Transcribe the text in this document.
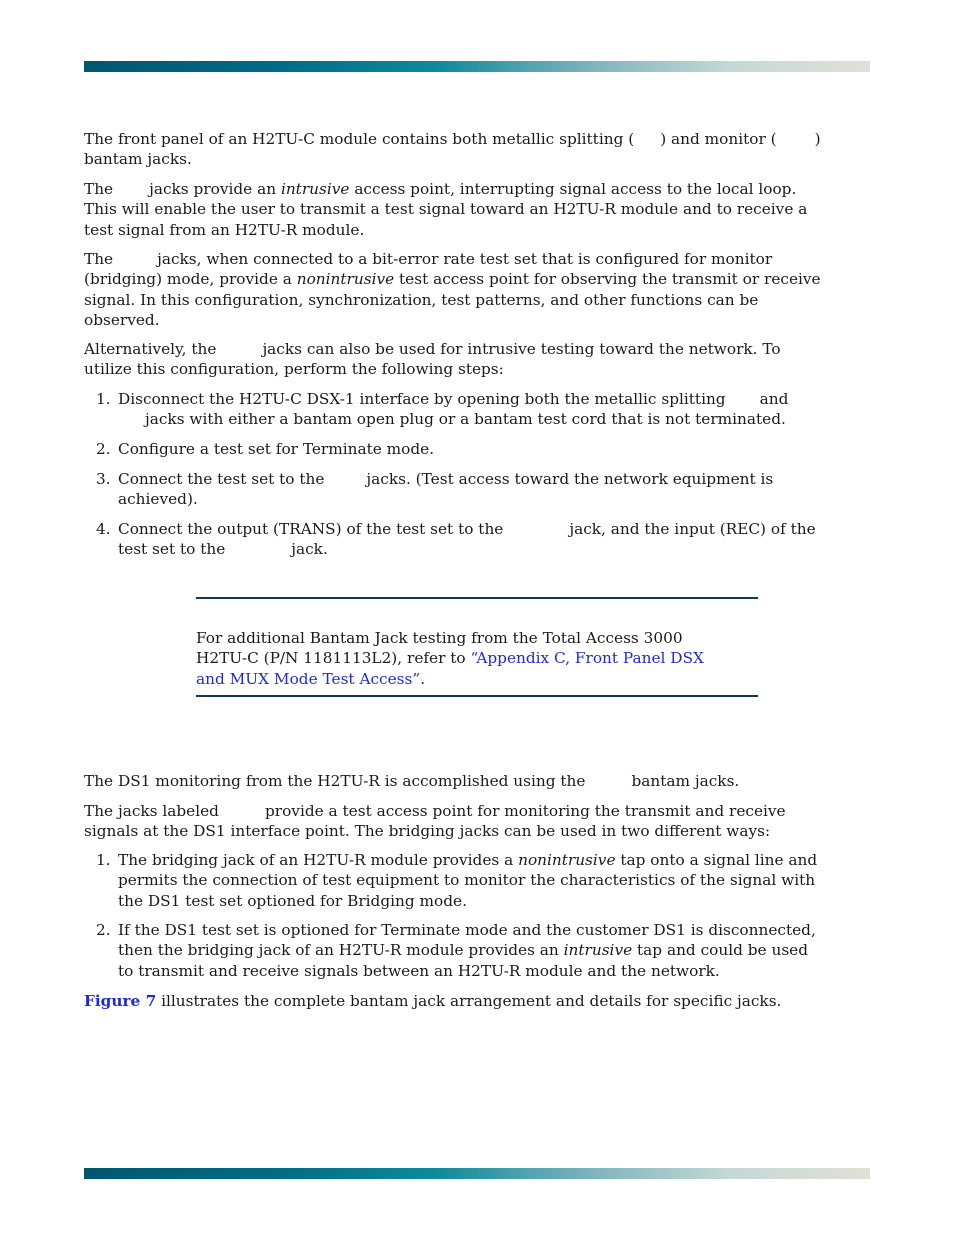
The front panel of an H2TU-C module contains both metallic splitting ( ) and monitor ( )
bantam jacks.
The jacks provide an intrusive access point, interrupting signal access to the local loop.
This will enable the user to transmit a test signal toward an H2TU-R module and to receive a
test signal from an H2TU-R module.
The	jacks, when connected to a bit-error rate test set that is configured for monitor
(bridging) mode, provide a nonintrusive test access point for observing the transmit or receive
signal. In this configuration, synchronization, test patterns, and other functions can be
observed.
Alternatively, the	jacks can also be used for intrusive testing toward the network. To
utilize this configuration, perform the following steps:
1. Disconnect the H2TU-C DSX-1 interface by opening both the metallic splitting and
jacks with either a bantam open plug or a bantam test cord that is not terminated.
2. Configure a test set for Terminate mode.
3. Connect the test set to the	jacks. (Test access toward the network equipment is
achieved).
4. Connect the output (TRANS) of the test set to the	jack, and the input (REC) of the
test set to the	jack.
For additional Bantam Jack testing from the Total Access 3000
H2TU-C (P/N 1181113L2), refer to “Appendix C, Front Panel DSX
and MUX Mode Test Access”.
The DS1 monitoring from the H2TU-R is accomplished using the	bantam jacks.
The jacks labeled	provide a test access point for monitoring the transmit and receive
signals at the DS1 interface point. The bridging jacks can be used in two different ways:
1. The bridging jack of an H2TU-R module provides a nonintrusive tap onto a signal line and
permits the connection of test equipment to monitor the characteristics of the signal with
the DS1 test set optioned for Bridging mode.
2. If the DS1 test set is optioned for Terminate mode and the customer DS1 is disconnected,
then the bridging jack of an H2TU-R module provides an intrusive tap and could be used
to transmit and receive signals between an H2TU-R module and the network.
Figure 7 illustrates the complete bantam jack arrangement and details for specific jacks.
